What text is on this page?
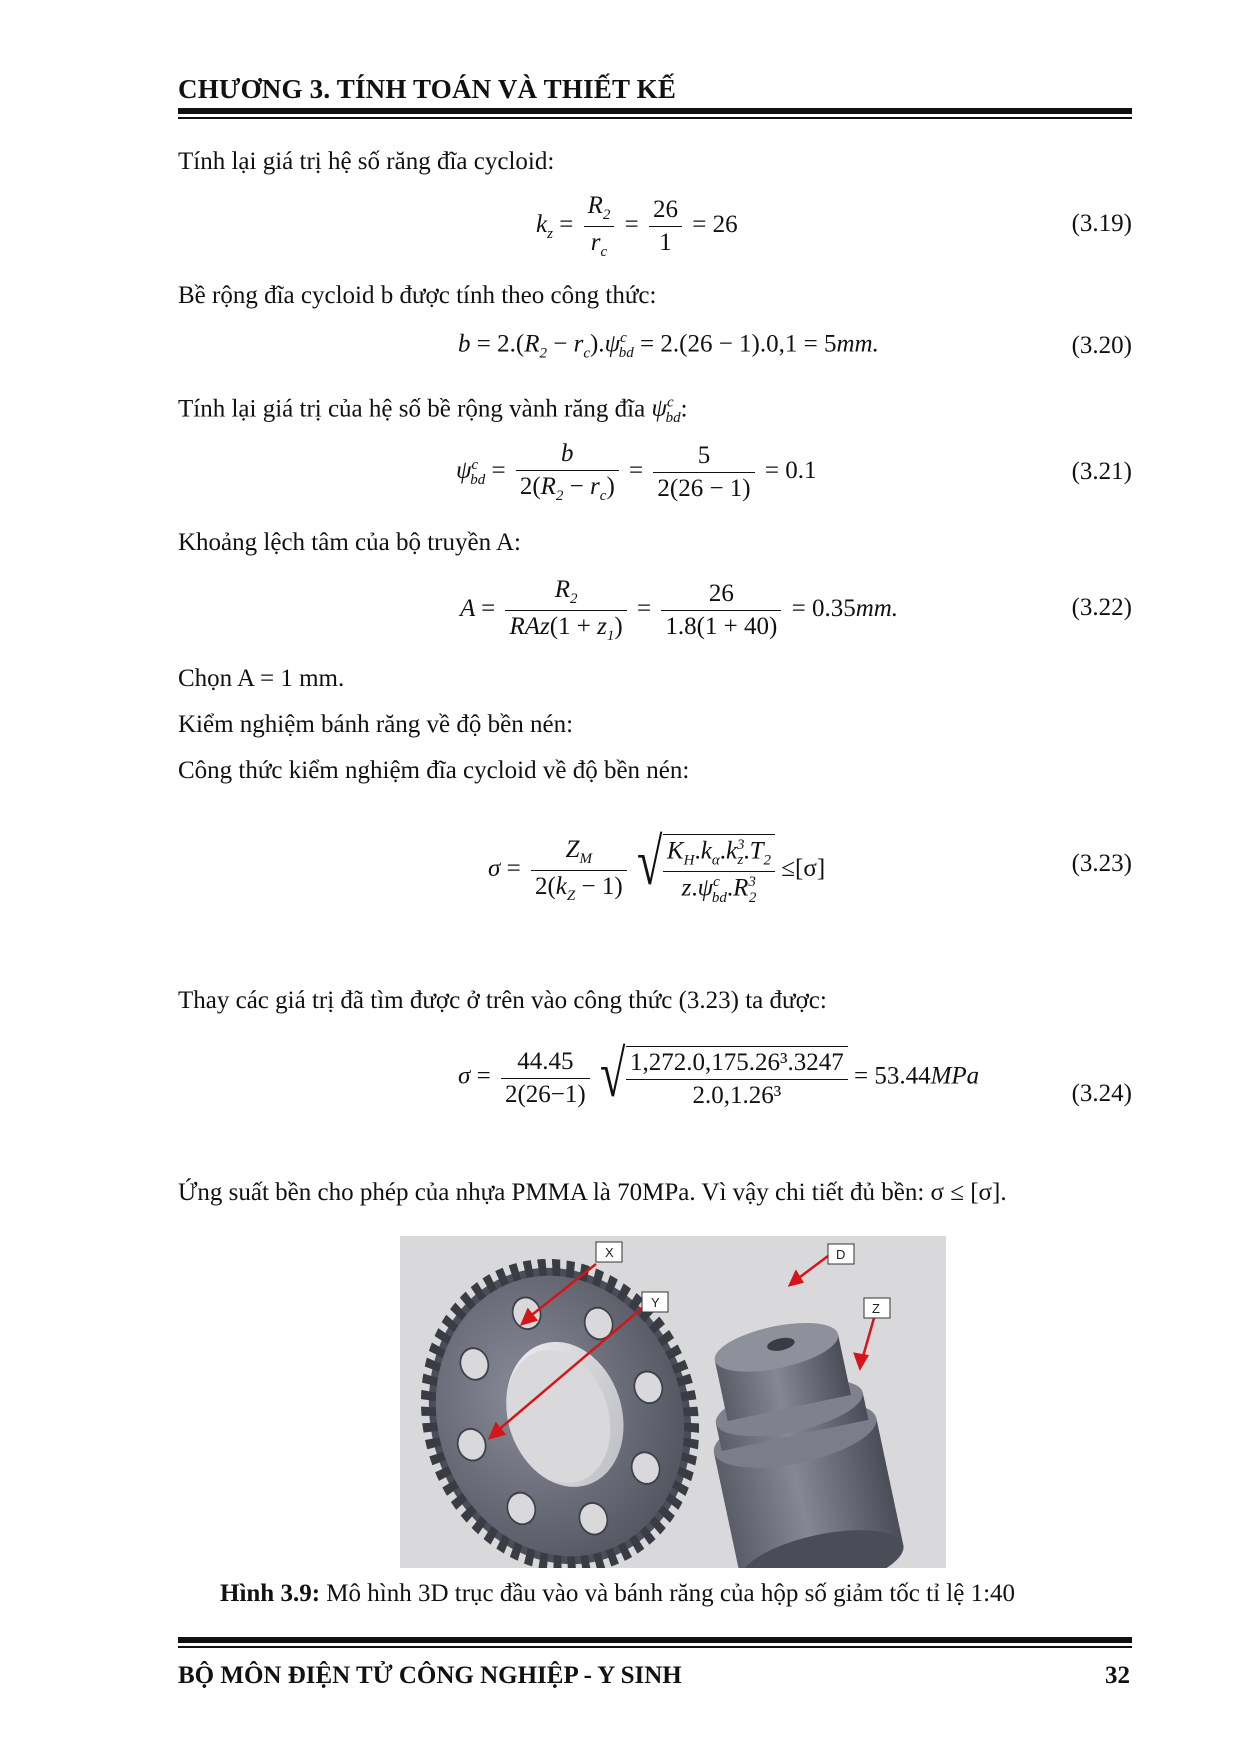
CHƯƠNG 3. TÍNH TOÁN VÀ THIẾT KẾ
Tính lại giá trị hệ số răng đĩa cycloid:
$k_z = \frac{R_2}{r_c} = \frac{26}{1} = 26$	(3.19)
Bề rộng đĩa cycloid b được tính theo công thức:
$b = 2.(R_2 - r_c).\psi^c_{bd} = 2.(26 - 1).0,1 = 5mm$.	(3.20)
Tính lại giá trị của hệ số bề rộng vành răng đĩa $\psi^c_{bd}$:
$\psi^c_{bd} = \frac{b}{2(R_2 - r_c)} = \frac{5}{2(26 - 1)} = 0.1$	(3.21)
Khoảng lệch tâm của bộ truyền A:
$A = \frac{R_2}{RAz(1 + z_1)} = \frac{26}{1.8(1 + 40)} = 0.35mm$.	(3.22)
Chọn A = 1 mm.
Kiểm nghiệm bánh răng về độ bền nén:
Công thức kiểm nghiệm đĩa cycloid về độ bền nén:
$\sigma = \frac{Z_M}{2(k_Z - 1)}$
√ $\frac{K_H.k_\alpha.k^3_z.T_2}{z.\psi^c_{bd}.R^3_2} \le[\sigma]$	(3.23)
Thay các giá trị đã tìm được ở trên vào công thức (3.23) ta được:
$\sigma = \frac{44.45}{2(26-1)}$
√ $\frac{\text{1,272.0,175.26³.3247}}{\text{2.0,1.26³}} = 53.44MPa$
(3.24)
Ứng suất bền cho phép của nhựa PMMA là 70MPa. Vì vậy chi tiết đủ bền: σ ≤ [σ].
X
Y
D
Z
Hình 3.9: Mô hình 3D trục đầu vào và bánh răng của hộp số giảm tốc tỉ lệ 1:40
BỘ MÔN ĐIỆN TỬ CÔNG NGHIỆP - Y SINH	32
